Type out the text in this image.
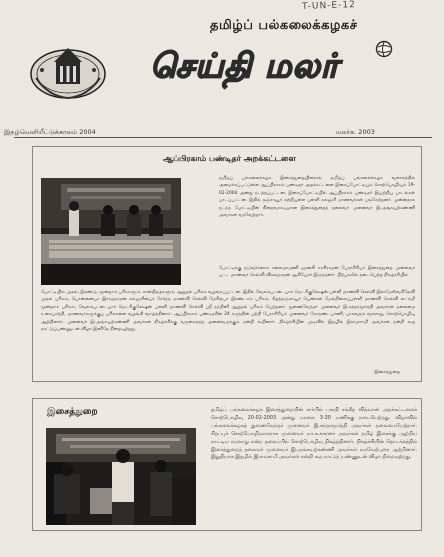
T-UN-E-12
தமிழ்ப் பல்கலைக்கழகச்
செய்தி மலர்
இதழ்வெளியீட்டுக்காலம் 2004	மலர்க. 2003
ஆப்பிரகாம் பண்டிதர் அறக்கட்டளை
தமிழ்ப் பல்கலைக்கழக இசைத்துறையினரால் தமிழ்ப் பல்கலைக்கழக வளாகத்தில் அமைக்கப்பட்டுள்ள ஆப்பிரகாம் பண்டிதர் அறக்கட்டளை இசைப்போட்டியும் சொற்பொழிவும் 19-02-2004 அன்று நடத்தப்பட்டன. இசைப்போட்டியில் ஆப்பிரகாம் பண்டிதர் இயற்றிய பாடல்கள் பாடப்பட்டன. இதில் தஞ்சாவூர் சுற்றியுள்ள பள்ளி கல்லூரி மாணவர்கள் பங்கேற்றனர். முன்னதாக நடந்த போட்டியின் நிறைவாகவுமான இசைத்துறைத் தலைவர் முனைவர் இ.அங்கயற்கண்ணி அவர்கள் வரவேற்றார்.
போட்டிக்கு நடுவர்களாக கலைமாமணி ஜானகி காசிராமன் பேராசிரியர் இசைத்துறை முனைவர் பட்ட மாணவர் செல்வி விசுவநாதன் ஆகியோர் இருந்தனர். பிற்பகலில் நடைபெற்ற நிகழ்ச்சியில்
போட்டியில் முதல், இரண்டு, மூன்றாம் பரிசுகளும், சான்றிதழ்களும், ஆறுதல் பரிசும் வழங்கப்பட்டன. இதில் வேலம்பட்டையார் மெட்ரிகுலேஷன் பள்ளி மாணவி செல்வி இராமேஸ்வரிதேவி முதல் பரிசும், பொன்னையா இராமநாதன் கல்லூரியைச் சேர்ந்த மாணவி செல்வி மேரிரூபா இரண்டாம் பரிசும், கீழ்த்தஞ்சாவூர் பெண்கள் மேல்நிலைப்பள்ளி மாணவி செல்வி லட்சுமி மூன்றாம் பரிசும், வேலம்பட்டையார் மெட்ரிகுலேஷன் பள்ளி மாணவி செல்வி ஸ்ரீ நந்தினி ஆறுதல் பரிசும் பெற்றனர். துணைவேந்தர் முனைவர் இ.சுந்தரமூர்த்தி அவர்கள் தலைமை உரையாற்றி, மாணவர்களுக்குப் பரிசுகளை வழங்கி வாழ்த்தினார். ஆப்பிரகாம் பண்டிதரின் 24 கருத்தின் பற்றி பேராசிரியர் முனைவர் கோதண்டபாணி, பாகவதம் வரலாறு, சொற்பொழிவு ஆற்றினார். முனைவர் இ.அங்கயற்கண்ணி அவர்கள் நிகழ்ச்சிக்கு வருகைதந்த அனைவருக்கும் நன்றி கூறினார். நிகழ்ச்சியின் முடிவில் இதழில் இராமசாமி அவர்கள் நன்றி கூற நாட்டுப்பண்ணுடன் விழா இனிதே நிறைவுற்றது.
-இசைத்துறை
இசைத்துறை	தமிழ்ப் பல்கலைக்கழக இசைத்துறையின் சார்பில் பாரதி சங்கீத வித்வான் அறக்கட்டளைச் சொற்பொழிவு 20-02-2003 அன்று மாலை 3-30 மணிக்கு நடைபெற்றது. விழாவில் பல்கலைக்கழகத் துணைவேந்தர் முனைவர் இ.சுந்தரமூர்த்தி அவர்கள் தலைமையேற்றார். சிறப்புச் சொற்பொழிவாளராக முனைவர் மா.சு.சுசரனா அவர்கள் தமிழ் இசைக்கு ஆற்றிய நாட்டிய வரலாறு என்ற தலைப்பில் சொற்பொழிவு நிகழ்த்தினார். நிகழ்ச்சியின் தொடக்கத்தில் இசைத்துறைத் தலைவர் முனைவர் இ.அங்கயற்கண்ணி அவர்கள் வரவேற்புரை ஆற்றினார். இறுதியாக இதழில் இராமசாமி அவர்கள் நன்றி கூற நாட்டுப்பண்ணுடன் விழா நிறைவுற்றது.
